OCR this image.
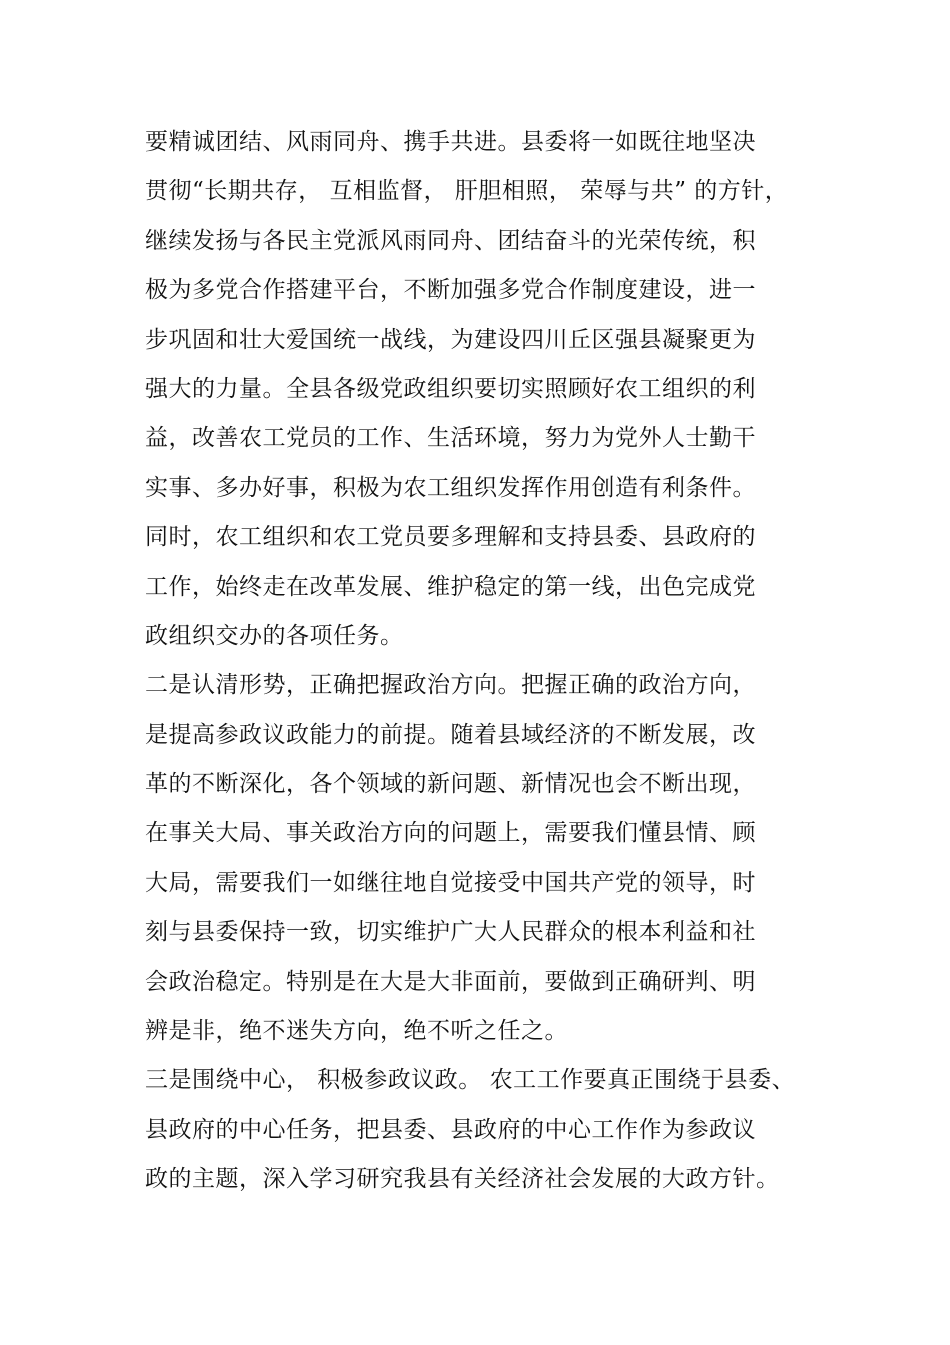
要精诚团结、风雨同舟、携手共进。县委将一如既往地坚决
贯彻“长期共存， 互相监督， 肝胆相照， 荣辱与共” 的方针，
继续发扬与各民主党派风雨同舟、团结奋斗的光荣传统，积
极为多党合作搭建平台，不断加强多党合作制度建设，进一
步巩固和壮大爱国统一战线，为建设四川丘区强县凝聚更为
强大的力量。全县各级党政组织要切实照顾好农工组织的利
益，改善农工党员的工作、生活环境，努力为党外人士勤干
实事、多办好事，积极为农工组织发挥作用创造有利条件。
同时，农工组织和农工党员要多理解和支持县委、县政府的
工作，始终走在改革发展、维护稳定的第一线，出色完成党
政组织交办的各项任务。
二是认清形势，正确把握政治方向。把握正确的政治方向，
是提高参政议政能力的前提。随着县域经济的不断发展，改
革的不断深化，各个领域的新问题、新情况也会不断出现，
在事关大局、事关政治方向的问题上，需要我们懂县情、顾
大局，需要我们一如继往地自觉接受中国共产党的领导，时
刻与县委保持一致，切实维护广大人民群众的根本利益和社
会政治稳定。特别是在大是大非面前，要做到正确研判、明
辨是非，绝不迷失方向，绝不听之任之。
三是围绕中心， 积极参政议政。 农工工作要真正围绕于县委、
县政府的中心任务，把县委、县政府的中心工作作为参政议
政的主题，深入学习研究我县有关经济社会发展的大政方针。
